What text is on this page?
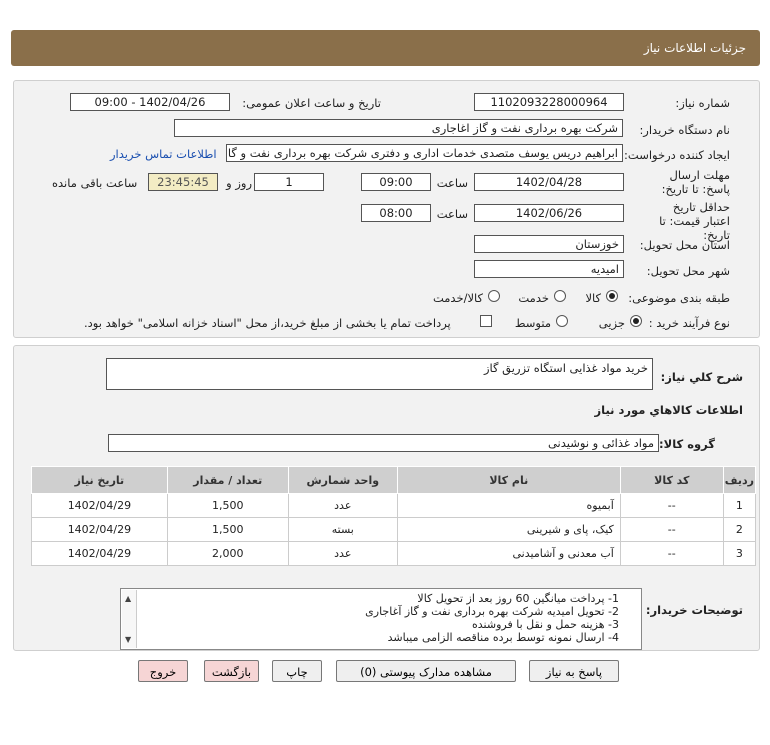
جزئیات اطلاعات نیاز
شماره نیاز:
1102093228000964
تاریخ و ساعت اعلان عمومی:
1402/04/26 - 09:00
نام دستگاه خریدار:
شرکت بهره برداری نفت و گاز اغاجاری
ایجاد کننده درخواست:
ابراهیم دریس یوسف متصدی خدمات اداری و دفتری شرکت بهره برداری نفت و گا
اطلاعات تماس خریدار
مهلت ارسال پاسخ: تا تاریخ:
1402/04/28
ساعت
09:00
1
روز و
23:45:45
ساعت باقی مانده
حداقل تاریخ اعتبار قیمت: تا تاریخ:
1402/06/26
ساعت
08:00
استان محل تحویل:
خوزستان
شهر محل تحویل:
امیدیه
طبقه بندی موضوعی:
کالا
خدمت
کالا/خدمت
نوع فرآیند خرید :
جزیی
متوسط
پرداخت تمام یا بخشی از مبلغ خرید،از محل "اسناد خزانه اسلامی" خواهد بود.
شرح کلي نياز:
خرید مواد غذایی استگاه تزریق گاز
اطلاعات کالاهاي مورد نياز
گروه کالا:
مواد غذائی و نوشیدنی
ردیف	کد کالا	نام کالا	واحد شمارش	تعداد / مقدار	تاریخ نیاز
1	--	آبمیوه	عدد	1,500	1402/04/29
2	--	کیک، پای و شیرینی	بسته	1,500	1402/04/29
3	--	آب معدنی و آشامیدنی	عدد	2,000	1402/04/29
توضیحات خریدار:
▲
▼
1- پرداخت میانگین 60 روز بعد از تحویل کالا
2- تحویل امیدیه شرکت بهره برداری نفت و گاز آغاجاری
3- هزینه حمل و نقل با فروشنده
4- ارسال نمونه توسط برده مناقصه الزامی میباشد
پاسخ به نیاز
مشاهده مدارک پیوستی (0)
چاپ
بازگشت
خروج
